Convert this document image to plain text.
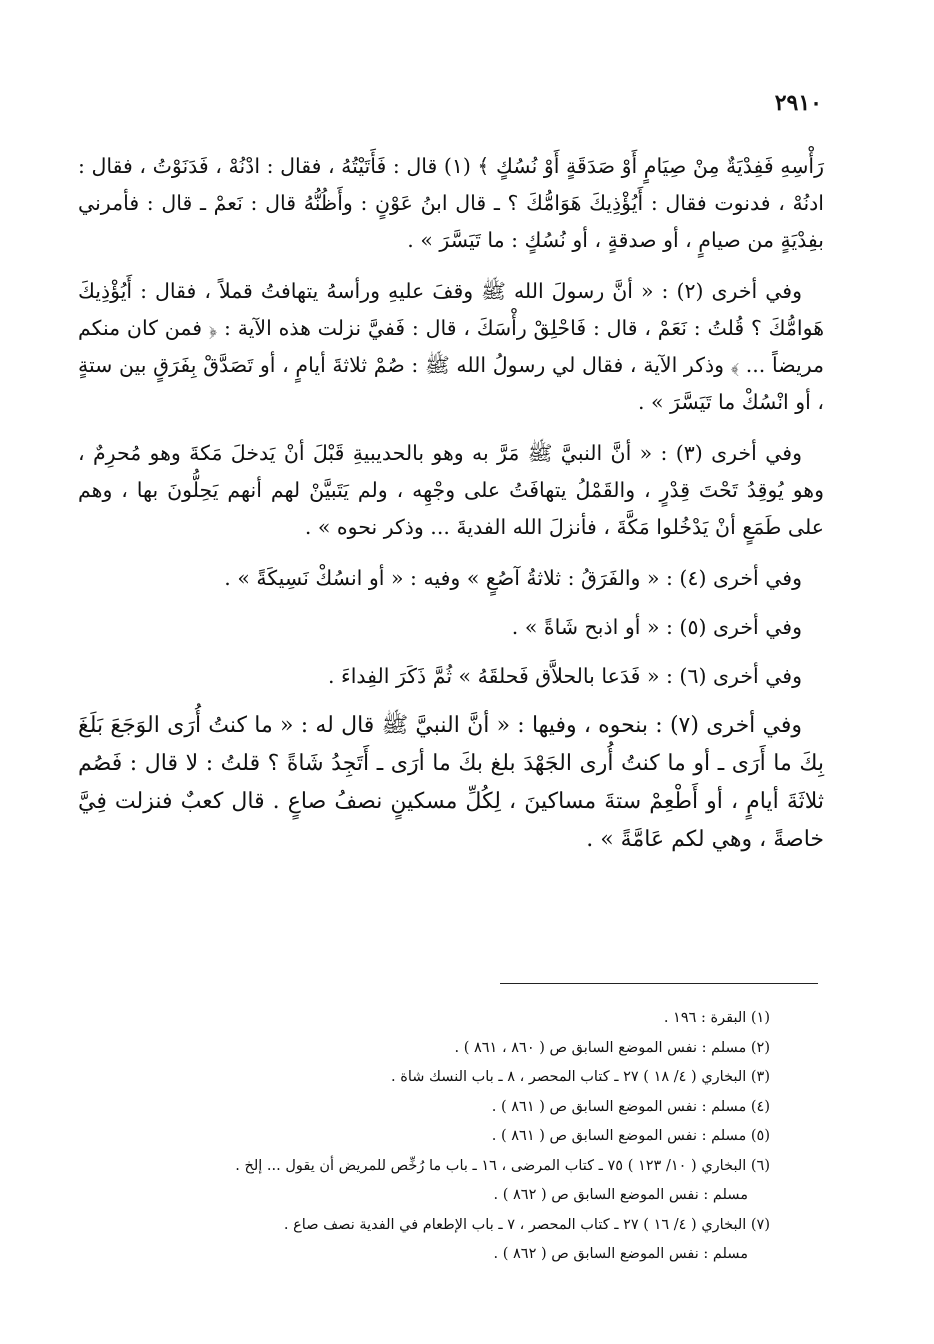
٢٩١٠

رَأْسِهِ فَفِدْيَةٌ مِنْ صِيَامٍ أَوْ صَدَقَةٍ أَوْ نُسُكٍ ﴾ (١) قال : فَأَتَيْتُهُ ، فقال : ادْنُهْ ، فَدَنَوْتُ ، فقال : ادنُهْ ، فدنوت فقال : أَيُؤْذِيكَ هَوَامُّكَ ؟ ـ قال ابنُ عَوْنٍ : وأَظُنُّهُ قال : نَعمْ ـ قال : فأمرني بفِدْيَةٍ من صيامٍ ، أو صدقةٍ ، أو نُسُكٍ : ما تَيَسَّرَ » .

وفي أخرى (٢) : « أنَّ رسولَ الله ﷺ وقفَ عليهِ ورأسهُ يتهافتُ قملاً ، فقال : أَيُؤْذِيكَ هَوامُّكَ ؟ قُلتُ : نَعَمْ ، قال : فَاحْلِقْ رأْسَكَ ، قال : فَفيَّ نزلت هذه الآية : ﴿ فمن كان منكم مريضاً ... ﴾ وذكر الآية ، فقال لي رسولُ الله ﷺ : صُمْ ثلاثةَ أيامٍ ، أو تَصَدَّقْ بِفَرَقٍ بين ستةٍ ، أو انْسُكْ ما تَيَسَّرَ » .

وفي أخرى (٣) : « أنَّ النبيَّ ﷺ مَرَّ به وهو بالحديبيةِ قَبْلَ أنْ يَدخلَ مَكةَ وهو مُحرِمٌ ، وهو يُوقِدُ تَحْتَ قِدْرٍ ، والقَمْلُ يتهافَتُ على وجْهِه ، ولم يَتَبيَّنْ لهم أنهم يَحِلُّونَ بها ، وهم على طَمَعٍ أنْ يَدْخُلوا مَكَّةَ ، فأنزلَ الله الفديةَ ... وذكر نحوه » .

وفي أخرى (٤) : « والفَرَقُ : ثلاثةُ آصُعٍ » وفيه : « أو انسُكْ نَسِيكَةً » .

وفي أخرى (٥) : « أو اذبح شَاةً » .

وفي أخرى (٦) : « فَدَعا بالحلاَّق فَحلقَهُ » ثُمَّ ذَكَرَ الفِداءَ .

وفي أخرى (٧) : بنحوه ، وفيها : « أنَّ النبيَّ ﷺ قال له : « ما كنتُ أُرَى الوَجَعَ بَلَغَ بِكَ ما أَرَى ـ أو ما كنتُ أُرى الجَهْدَ بلغ بكَ ما أرَى ـ أَتَجِدُ شَاةً ؟ قلتُ : لا قال : فَصُم ثلاثَةَ أيامٍ ، أو أَطْعِمْ ستةَ مساكينَ ، لِكُلِّ مسكينٍ نصفُ صاعٍ . قال كعبٌ فنزلت فِيَّ خاصةً ، وهي لكم عَامَّةً » .

(١) البقرة : ١٩٦ .
(٢) مسلم : نفس الموضع السابق ص ( ٨٦٠ ، ٨٦١ ) .
(٣) البخاري ( ٤/ ١٨ ) ٢٧ ـ كتاب المحصر ، ٨ ـ باب النسك شاة .
(٤) مسلم : نفس الموضع السابق ص ( ٨٦١ ) .
(٥) مسلم : نفس الموضع السابق ص ( ٨٦١ ) .
(٦) البخاري ( ١٠/ ١٢٣ ) ٧٥ ـ كتاب المرضى ، ١٦ ـ باب ما رُخِّص للمريض أن يقول ... إلخ .
مسلم : نفس الموضع السابق ص ( ٨٦٢ ) .
(٧) البخاري ( ٤/ ١٦ ) ٢٧ ـ كتاب المحصر ، ٧ ـ باب الإطعام في الفدية نصف صاع .
مسلم : نفس الموضع السابق ص ( ٨٦٢ ) .
